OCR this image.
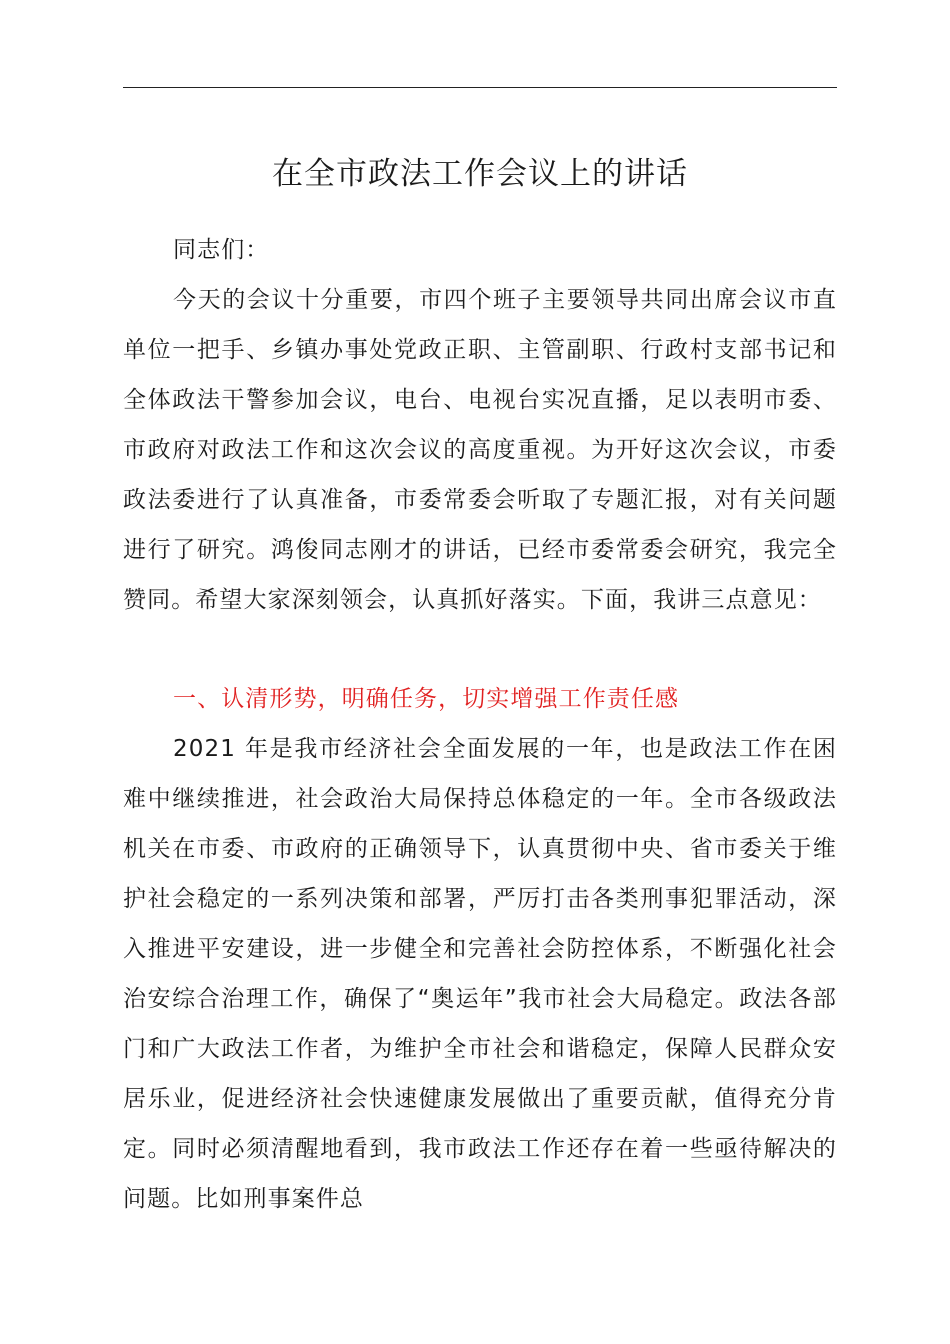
在全市政法工作会议上的讲话

同志们：

今天的会议十分重要，市四个班子主要领导共同出席会议市直单位一把手、乡镇办事处党政正职、主管副职、行政村支部书记和全体政法干警参加会议，电台、电视台实况直播，足以表明市委、市政府对政法工作和这次会议的高度重视。为开好这次会议，市委政法委进行了认真准备，市委常委会听取了专题汇报，对有关问题进行了研究。鸿俊同志刚才的讲话，已经市委常委会研究，我完全赞同。希望大家深刻领会，认真抓好落实。下面，我讲三点意见：

一、认清形势，明确任务，切实增强工作责任感

2021 年是我市经济社会全面发展的一年，也是政法工作在困难中继续推进，社会政治大局保持总体稳定的一年。全市各级政法机关在市委、市政府的正确领导下，认真贯彻中央、省市委关于维护社会稳定的一系列决策和部署，严厉打击各类刑事犯罪活动，深入推进平安建设，进一步健全和完善社会防控体系，不断强化社会治安综合治理工作，确保了“奥运年”我市社会大局稳定。政法各部门和广大政法工作者，为维护全市社会和谐稳定，保障人民群众安居乐业，促进经济社会快速健康发展做出了重要贡献，值得充分肯定。同时必须清醒地看到，我市政法工作还存在着一些亟待解决的问题。比如刑事案件总
